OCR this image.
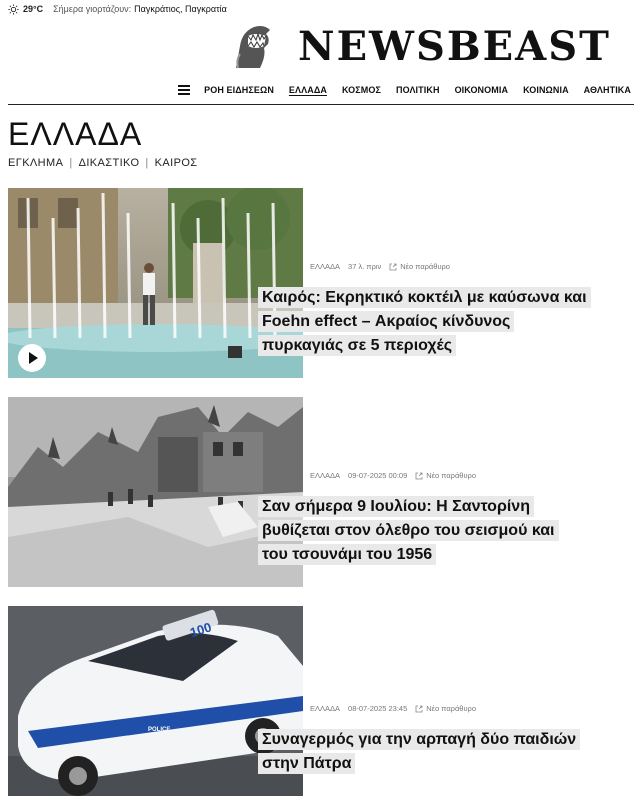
29°C Σήμερα γιορτάζουν: Παγκράτιος, Παγκρατία
NEWSBEAST
ΡΟΗ ΕΙΔΗΣΕΩΝ ΕΛΛΑΔΑ ΚΟΣΜΟΣ ΠΟΛΙΤΙΚΗ ΟΙΚΟΝΟΜΙΑ ΚΟΙΝΩΝΙΑ ΑΘΛΗΤΙΚΑ
ΕΛΛΑΔΑ
ΕΓΚΛΗΜΑ | ΔΙΚΑΣΤΙΚΟ | ΚΑΙΡΟΣ
ΕΛΛΑΔΑ 37 λ. πριν	Νέο παράθυρο
Καιρός: Εκρηκτικό κοκτέιλ με καύσωνα και
Foehn effect – Ακραίος κίνδυνος
πυρκαγιάς σε 5 περιοχές
ΕΛΛΑΔΑ 09-07-2025 00:09	Νέο παράθυρο
Σαν σήμερα 9 Ιουλίου: Η Σαντορίνη
βυθίζεται στον όλεθρο του σεισμού και
του τσουνάμι του 1956
100
POLICE
ΕΛΛΑΔΑ 08-07-2025 23:45	Νέο παράθυρο
Συναγερμός για την αρπαγή δύο παιδιών
στην Πάτρα
